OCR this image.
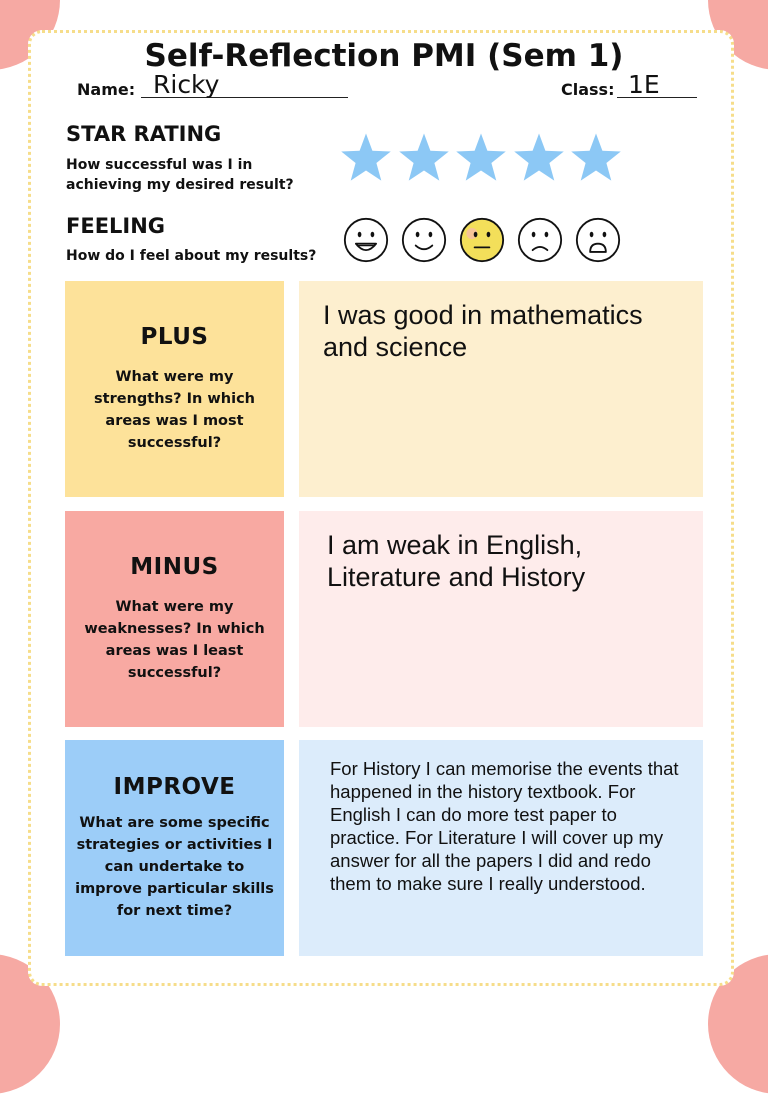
Self-Reflection PMI (Sem 1)
Name: Ricky	Class: 1E
STAR RATING
How successful was I in
achieving my desired result?
FEELING
How do I feel about my results?
PLUS
What were my strengths? In which areas was I most successful?
I was good in mathematics and science
MINUS
What were my weaknesses? In which areas was I least successful?
I am weak in English, Literature and History
IMPROVE
What are some specific strategies or activities I can undertake to improve particular skills for next time?
For History I can memorise the events that happened in the history textbook. For English I can do more test paper to practice. For Literature I will cover up my answer for all the papers I did and redo them to make sure I really understood.
